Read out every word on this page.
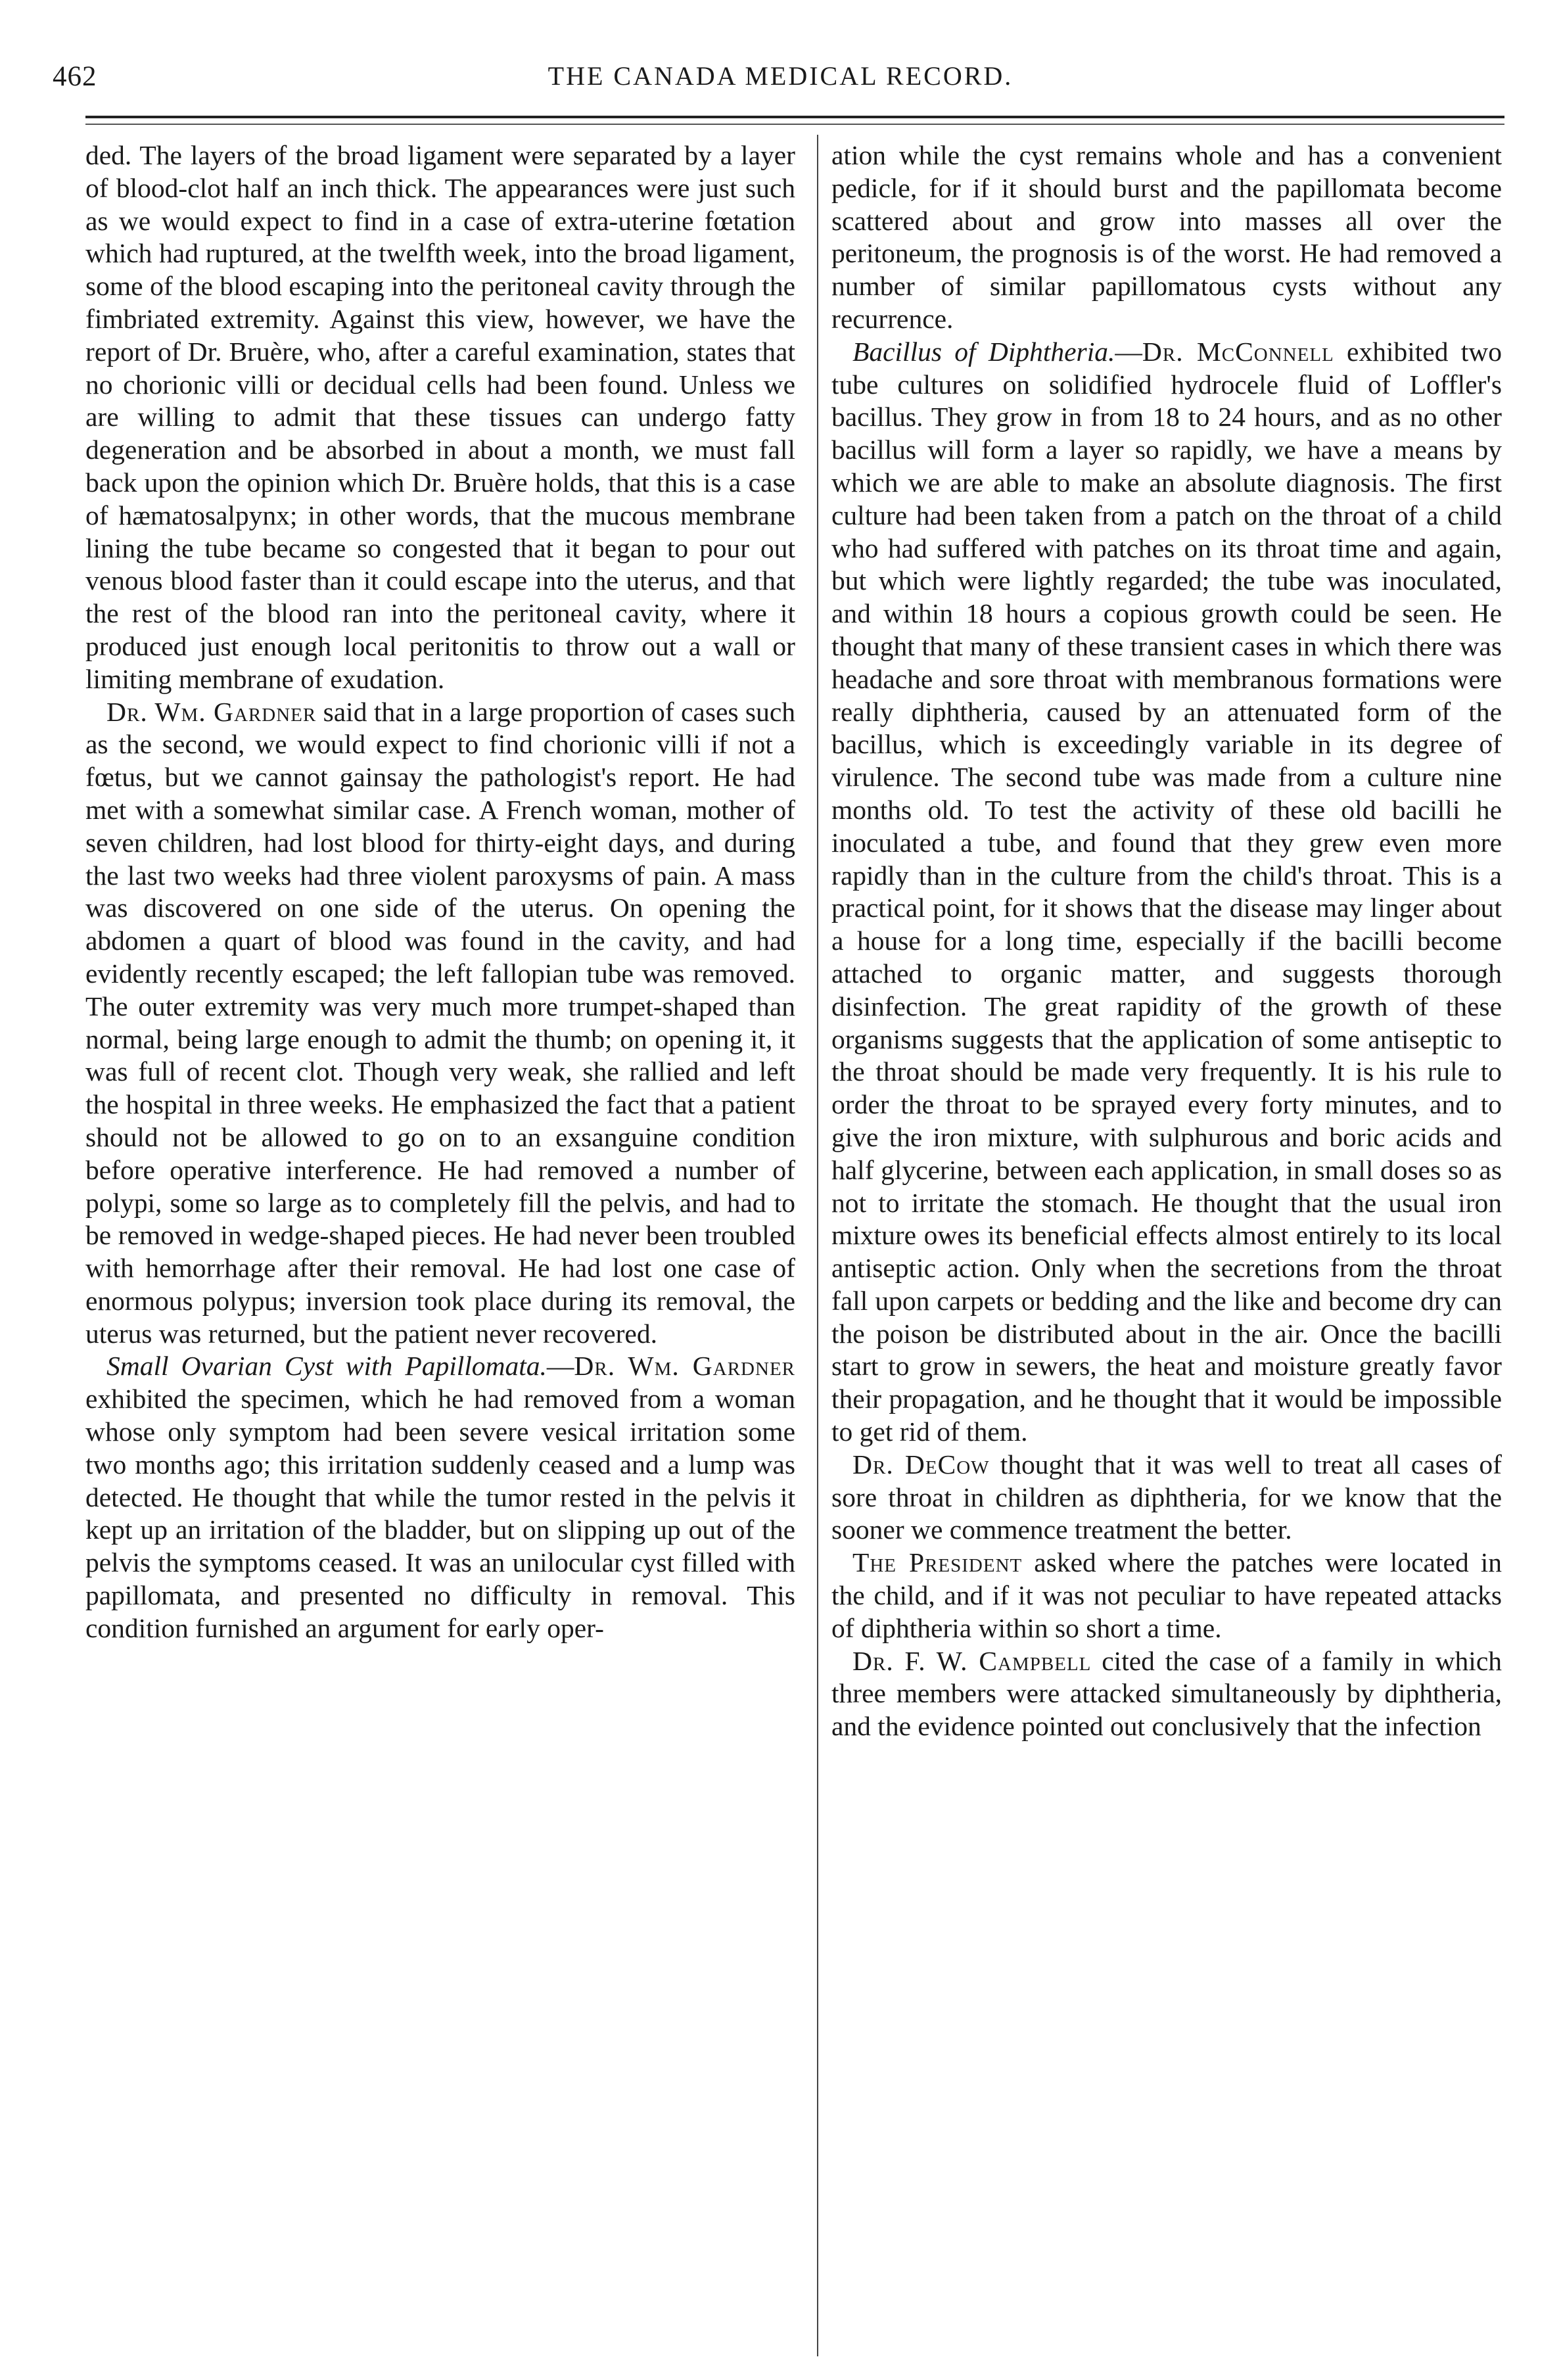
462	THE CANADA MEDICAL RECORD.

ded. The layers of the broad ligament were separated by a layer of blood-clot half an inch thick. The appearances were just such as we would expect to find in a case of extra-uterine fœtation which had ruptured, at the twelfth week, into the broad ligament, some of the blood escaping into the peritoneal cavity through the fimbriated extremity. Against this view, however, we have the report of Dr. Bruère, who, after a careful examination, states that no chorionic villi or decidual cells had been found. Unless we are willing to admit that these tissues can undergo fatty degeneration and be absorbed in about a month, we must fall back upon the opinion which Dr. Bruère holds, that this is a case of hæmatosalpynx; in other words, that the mucous membrane lining the tube became so congested that it began to pour out venous blood faster than it could escape into the uterus, and that the rest of the blood ran into the peritoneal cavity, where it produced just enough local peritonitis to throw out a wall or limiting membrane of exudation.

Dr. Wm. Gardner said that in a large proportion of cases such as the second, we would expect to find chorionic villi if not a fœtus, but we cannot gainsay the pathologist's report. He had met with a somewhat similar case. A French woman, mother of seven children, had lost blood for thirty-eight days, and during the last two weeks had three violent paroxysms of pain. A mass was discovered on one side of the uterus. On opening the abdomen a quart of blood was found in the cavity, and had evidently recently escaped; the left fallopian tube was removed. The outer extremity was very much more trumpet-shaped than normal, being large enough to admit the thumb; on opening it, it was full of recent clot. Though very weak, she rallied and left the hospital in three weeks. He emphasized the fact that a patient should not be allowed to go on to an exsanguine condition before operative interference. He had removed a number of polypi, some so large as to completely fill the pelvis, and had to be removed in wedge-shaped pieces. He had never been troubled with hemorrhage after their removal. He had lost one case of enormous polypus; inversion took place during its removal, the uterus was returned, but the patient never recovered.

Small Ovarian Cyst with Papillomata.—Dr. Wm. Gardner exhibited the specimen, which he had removed from a woman whose only symptom had been severe vesical irritation some two months ago; this irritation suddenly ceased and a lump was detected. He thought that while the tumor rested in the pelvis it kept up an irritation of the bladder, but on slipping up out of the pelvis the symptoms ceased. It was an unilocular cyst filled with papillomata, and presented no difficulty in removal. This condition furnished an argument for early oper-

ation while the cyst remains whole and has a convenient pedicle, for if it should burst and the papillomata become scattered about and grow into masses all over the peritoneum, the prognosis is of the worst. He had removed a number of similar papillomatous cysts without any recurrence.

Bacillus of Diphtheria.—Dr. McConnell exhibited two tube cultures on solidified hydrocele fluid of Loffler's bacillus. They grow in from 18 to 24 hours, and as no other bacillus will form a layer so rapidly, we have a means by which we are able to make an absolute diagnosis. The first culture had been taken from a patch on the throat of a child who had suffered with patches on its throat time and again, but which were lightly regarded; the tube was inoculated, and within 18 hours a copious growth could be seen. He thought that many of these transient cases in which there was headache and sore throat with membranous formations were really diphtheria, caused by an attenuated form of the bacillus, which is exceedingly variable in its degree of virulence. The second tube was made from a culture nine months old. To test the activity of these old bacilli he inoculated a tube, and found that they grew even more rapidly than in the culture from the child's throat. This is a practical point, for it shows that the disease may linger about a house for a long time, especially if the bacilli become attached to organic matter, and suggests thorough disinfection. The great rapidity of the growth of these organisms suggests that the application of some antiseptic to the throat should be made very frequently. It is his rule to order the throat to be sprayed every forty minutes, and to give the iron mixture, with sulphurous and boric acids and half glycerine, between each application, in small doses so as not to irritate the stomach. He thought that the usual iron mixture owes its beneficial effects almost entirely to its local antiseptic action. Only when the secretions from the throat fall upon carpets or bedding and the like and become dry can the poison be distributed about in the air. Once the bacilli start to grow in sewers, the heat and moisture greatly favor their propagation, and he thought that it would be impossible to get rid of them.

Dr. DeCow thought that it was well to treat all cases of sore throat in children as diphtheria, for we know that the sooner we commence treatment the better.

The President asked where the patches were located in the child, and if it was not peculiar to have repeated attacks of diphtheria within so short a time.

Dr. F. W. Campbell cited the case of a family in which three members were attacked simultaneously by diphtheria, and the evidence pointed out conclusively that the infection
